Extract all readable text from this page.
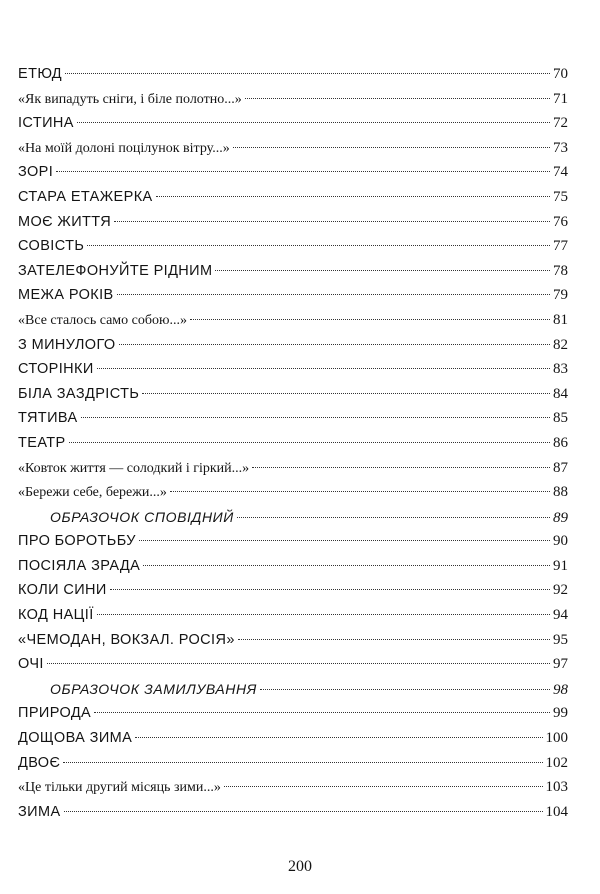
ЕТЮД	70
«Як випадуть сніги, і біле полотно...»	71
ІСТИНА	72
«На моїй долоні поцілунок вітру...»	73
ЗОРІ	74
СТАРА ЕТАЖЕРКА	75
МОЄ ЖИТТЯ	76
СОВІСТЬ	77
ЗАТЕЛЕФОНУЙТЕ РІДНИМ	78
МЕЖА РОКІВ	79
«Все сталось само собою...»	81
З МИНУЛОГО	82
СТОРІНКИ	83
БІЛА ЗАЗДРІСТЬ	84
ТЯТИВА	85
ТЕАТР	86
«Ковток життя — солодкий і гіркий...»	87
«Бережи себе, бережи...»	88
ОБРАЗОЧОК СПОВІДНИЙ	89
ПРО БОРОТЬБУ	90
ПОСІЯЛА ЗРАДА	91
КОЛИ СИНИ	92
КОД НАЦІЇ	94
«ЧЕМОДАН, ВОКЗАЛ. РОСІЯ»	95
ОЧІ	97
ОБРАЗОЧОК ЗАМИЛУВАННЯ	98
ПРИРОДА	99
ДОЩОВА ЗИМА	100
ДВОЄ	102
«Це тільки другий місяць зими...»	103
ЗИМА	104
200
